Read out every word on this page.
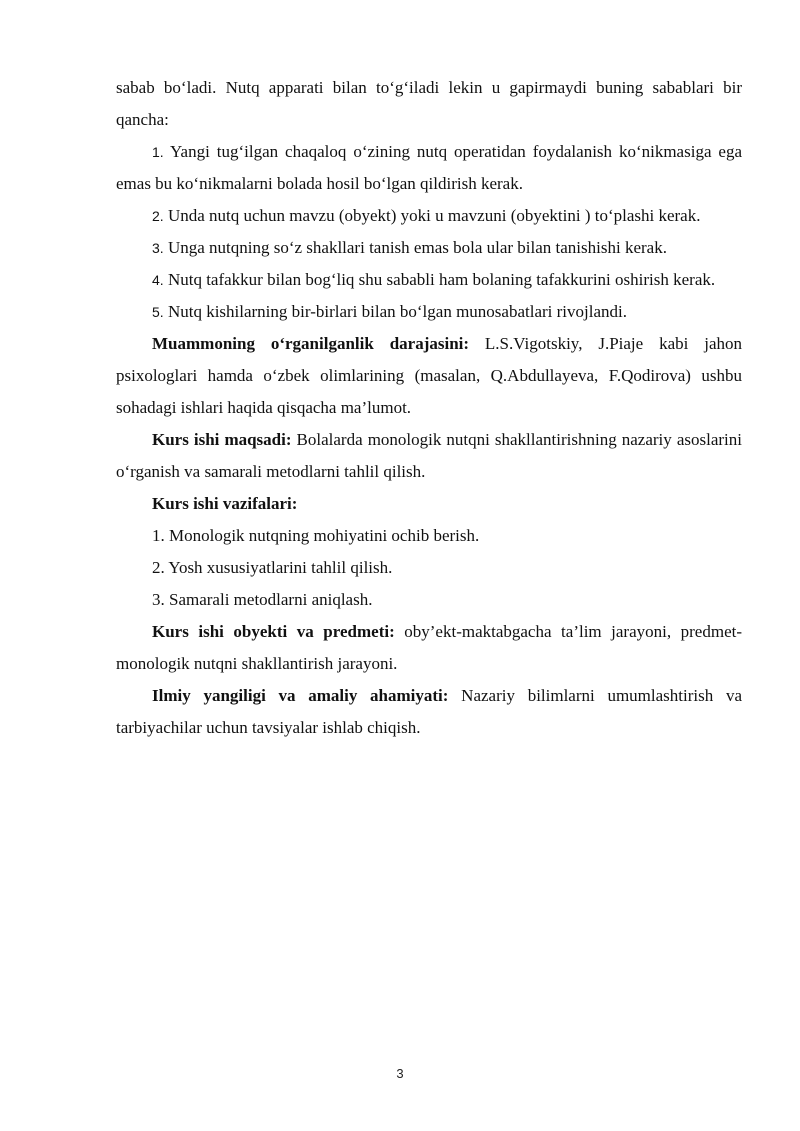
sabab bo‘ladi. Nutq apparati bilan to‘g‘iladi lekin u gapirmaydi buning sabablari bir qancha:

1. Yangi tug‘ilgan chaqaloq o‘zining nutq operatidan foydalanish ko‘nikmasiga ega emas bu ko‘nikmalarni bolada hosil bo‘lgan qildirish kerak.

2. Unda nutq uchun mavzu (obyekt) yoki u mavzuni (obyektini ) to‘plashi kerak.

3. Unga nutqning so‘z shakllari tanish emas bola ular bilan tanishishi kerak.

4. Nutq tafakkur bilan bog‘liq shu sababli ham bolaning tafakkurini oshirish kerak.

5. Nutq kishilarning bir-birlari bilan bo‘lgan munosabatlari rivojlandi.

Muammoning o‘rganilganlik darajasini: L.S.Vigotskiy, J.Piaje kabi jahon psixologlari hamda o‘zbek olimlarining (masalan, Q.Abdullayeva, F.Qodirova) ushbu sohadagi ishlari haqida qisqacha ma’lumot.

Kurs ishi maqsadi: Bolalarda monologik nutqni shakllantirishning nazariy asoslarini o‘rganish va samarali metodlarni tahlil qilish.

Kurs ishi vazifalari:

1. Monologik nutqning mohiyatini ochib berish.

2. Yosh xususiyatlarini tahlil qilish.

3. Samarali metodlarni aniqlash.

Kurs ishi obyekti va predmeti: oby’ekt-maktabgacha ta’lim jarayoni, predmet-monologik nutqni shakllantirish jarayoni.

Ilmiy yangiligi va amaliy ahamiyati: Nazariy bilimlarni umumlashtirish va tarbiyachilar uchun tavsiyalar ishlab chiqish.

3
